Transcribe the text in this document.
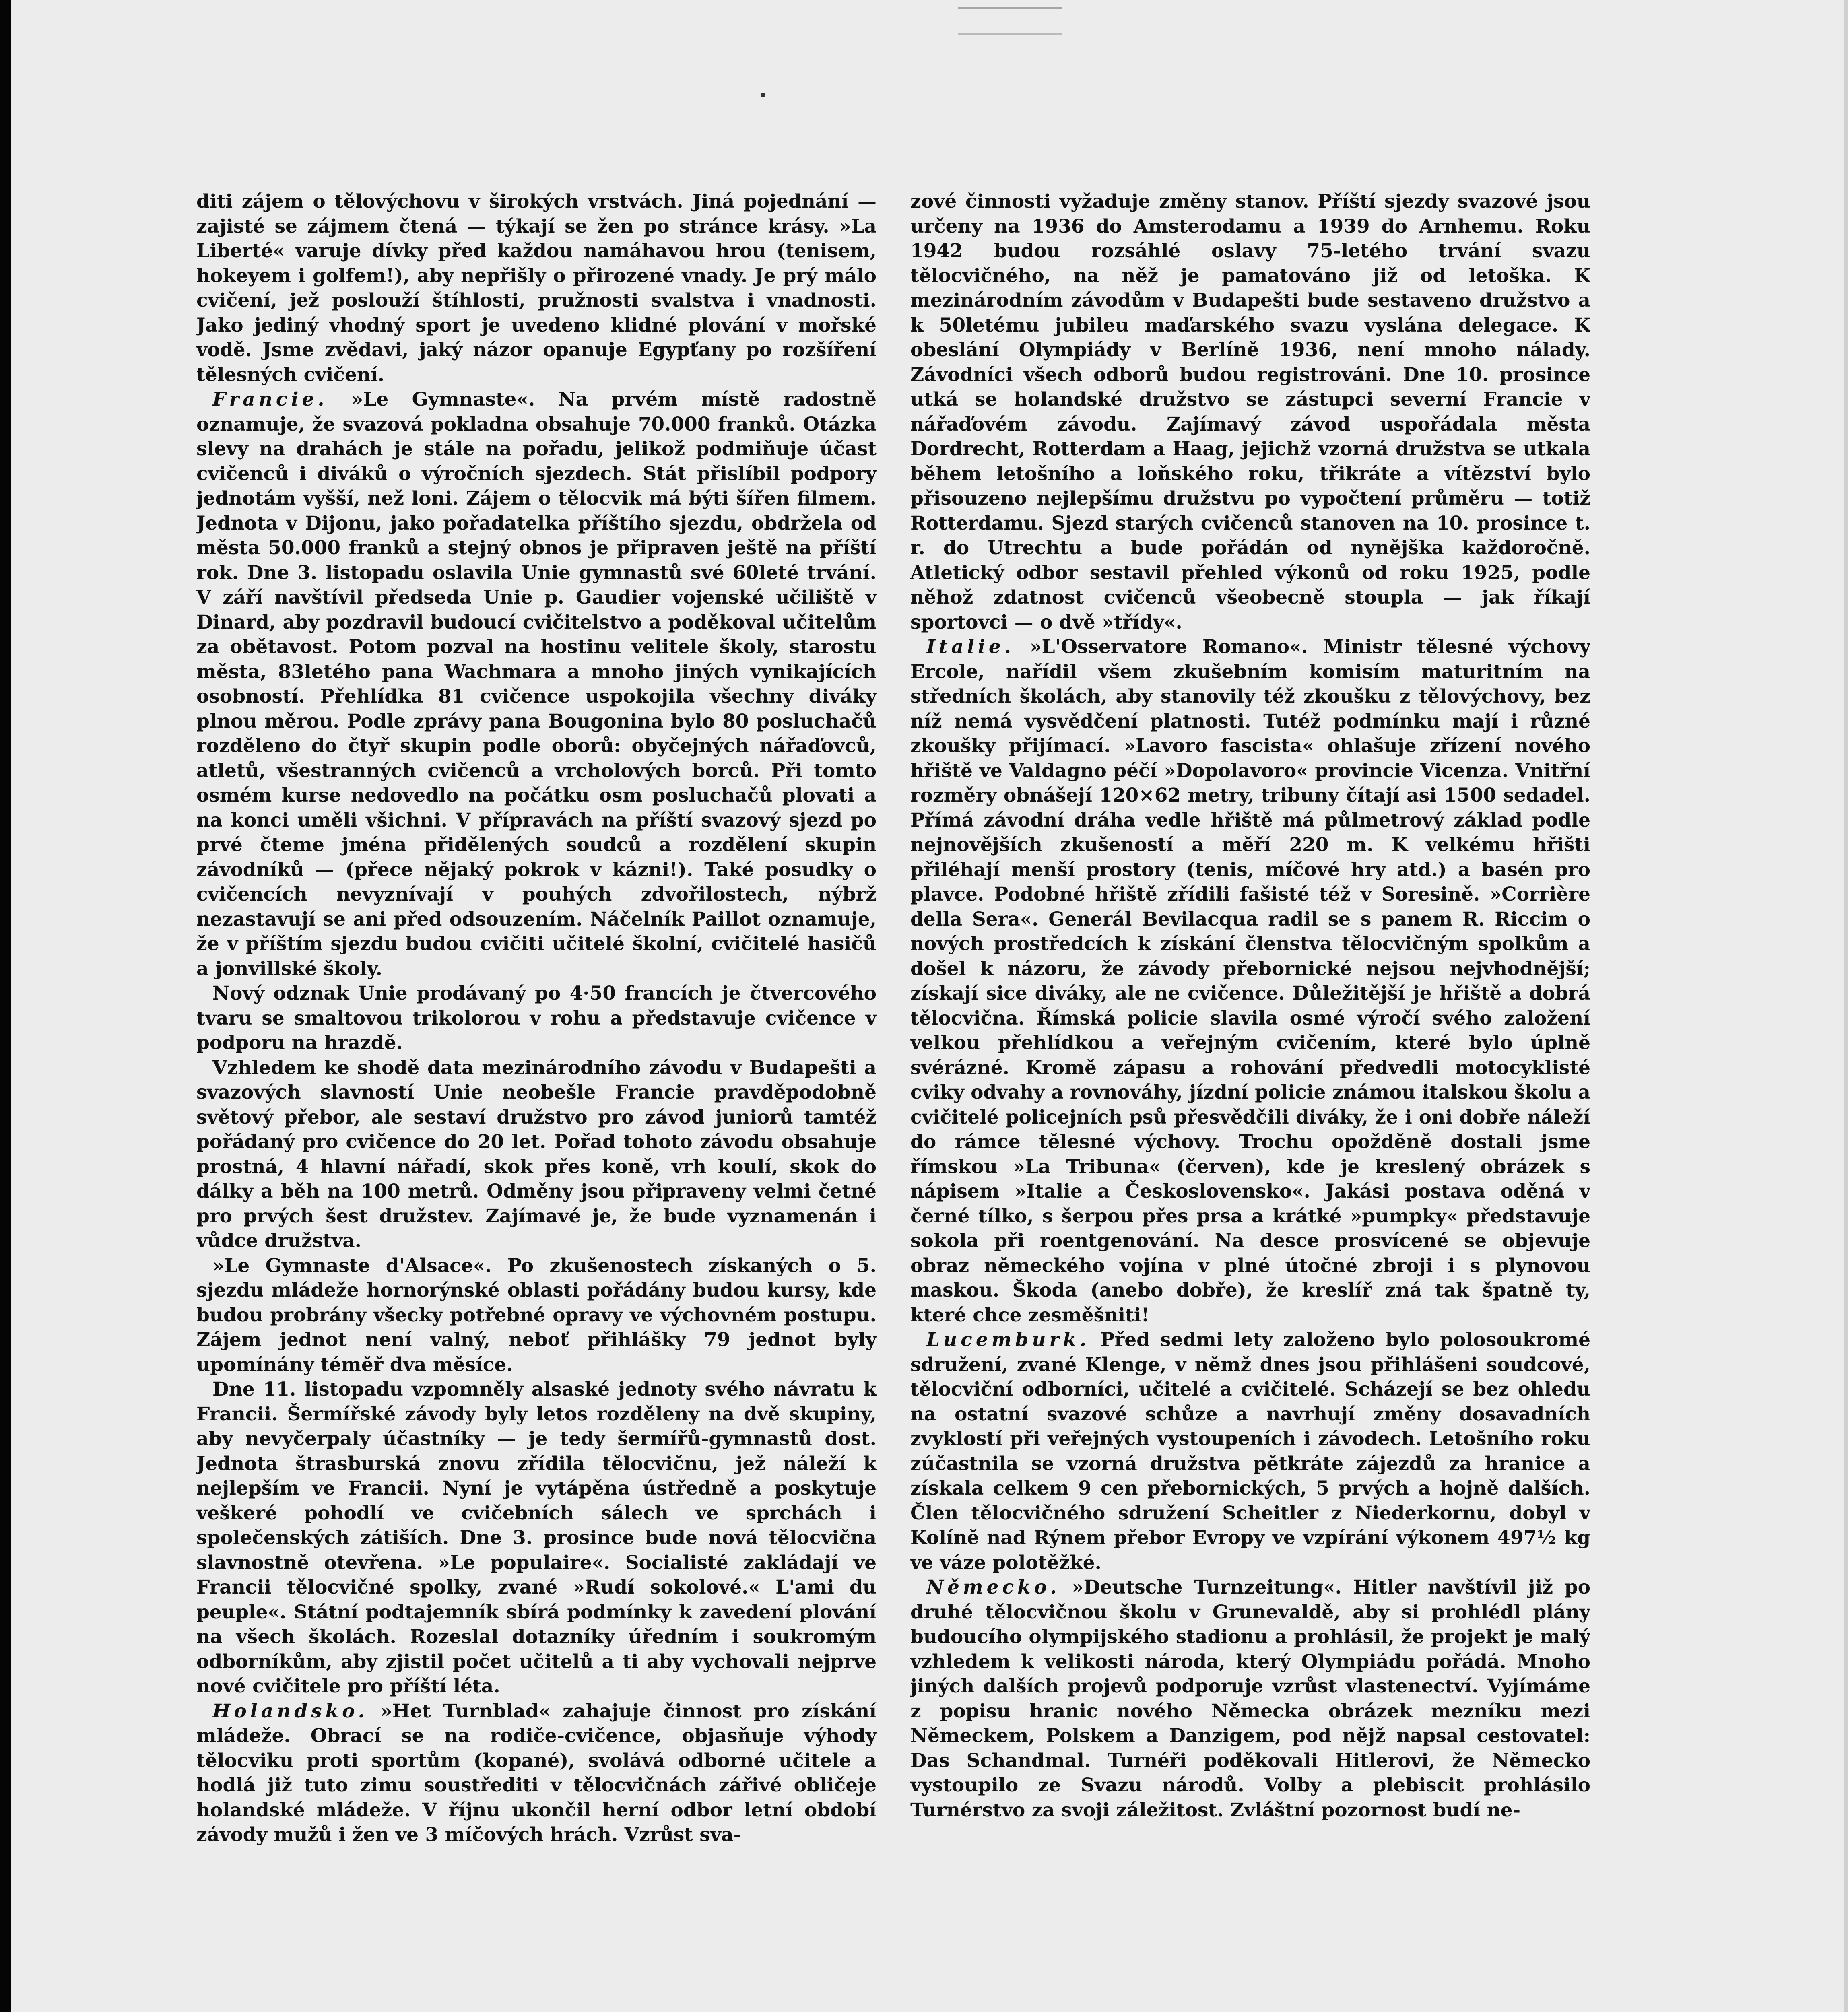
diti zájem o tělovýchovu v širokých vrstvách. Jiná pojednání — zajisté se zájmem čtená — týkají se žen po stránce krásy. »La Liberté« varuje dívky před každou namáhavou hrou (tenisem, hokeyem i golfem!), aby nepřišly o přirozené vnady. Je prý málo cvičení, jež poslouží štíhlosti, pružnosti svalstva i vnadnosti. Jako jediný vhodný sport je uvedeno klidné plování v mořské vodě. Jsme zvědavi, jaký názor opanuje Egypťany po rozšíření tělesných cvičení.

Francie. »Le Gymnaste«. Na prvém místě radostně oznamuje, že svazová pokladna obsahuje 70.000 franků. Otázka slevy na drahách je stále na pořadu, jelikož podmiňuje účast cvičenců i diváků o výročních sjezdech. Stát přislíbil podpory jednotám vyšší, než loni. Zájem o tělocvik má býti šířen filmem. Jednota v Dijonu, jako pořadatelka příštího sjezdu, obdržela od města 50.000 franků a stejný obnos je připraven ještě na příští rok. Dne 3. listopadu oslavila Unie gymnastů své 60leté trvání. V září navštívil předseda Unie p. Gaudier vojenské učiliště v Dinard, aby pozdravil budoucí cvičitelstvo a poděkoval učitelům za obětavost. Potom pozval na hostinu velitele školy, starostu města, 83letého pana Wachmara a mnoho jiných vynikajících osobností. Přehlídka 81 cvičence uspokojila všechny diváky plnou měrou. Podle zprávy pana Bougonina bylo 80 posluchačů rozděleno do čtyř skupin podle oborů: obyčejných nářaďovců, atletů, všestranných cvičenců a vrcholových borců. Při tomto osmém kurse nedovedlo na počátku osm posluchačů plovati a na konci uměli všichni. V přípravách na příští svazový sjezd po prvé čteme jména přidělených soudců a rozdělení skupin závodníků — (přece nějaký pokrok v kázni!). Také posudky o cvičencích nevyznívají v pouhých zdvořilostech, nýbrž nezastavují se ani před odsouzením. Náčelník Paillot oznamuje, že v příštím sjezdu budou cvičiti učitelé školní, cvičitelé hasičů a jonvillské školy.

Nový odznak Unie prodávaný po 4·50 francích je čtvercového tvaru se smaltovou trikolorou v rohu a představuje cvičence v podporu na hrazdě.

Vzhledem ke shodě data mezinárodního závodu v Budapešti a svazových slavností Unie neobešle Francie pravděpodobně světový přebor, ale sestaví družstvo pro závod juniorů tamtéž pořádaný pro cvičence do 20 let. Pořad tohoto závodu obsahuje prostná, 4 hlavní nářadí, skok přes koně, vrh koulí, skok do dálky a běh na 100 metrů. Odměny jsou připraveny velmi četné pro prvých šest družstev. Zajímavé je, že bude vyznamenán i vůdce družstva.

»Le Gymnaste d'Alsace«. Po zkušenostech získaných o 5. sjezdu mládeže hornorýnské oblasti pořádány budou kursy, kde budou probrány všecky potřebné opravy ve výchovném postupu. Zájem jednot není valný, neboť přihlášky 79 jednot byly upomínány téměř dva měsíce.

Dne 11. listopadu vzpomněly alsaské jednoty svého návratu k Francii. Šermířské závody byly letos rozděleny na dvě skupiny, aby nevyčerpaly účastníky — je tedy šermířů-gymnastů dost. Jednota štrasburská znovu zřídila tělocvičnu, jež náleží k nejlepším ve Francii. Nyní je vytápěna ústředně a poskytuje veškeré pohodlí ve cvičebních sálech ve sprchách i společenských zátiších. Dne 3. prosince bude nová tělocvična slavnostně otevřena. »Le populaire«. Socialisté zakládají ve Francii tělocvičné spolky, zvané »Rudí sokolové.« L'ami du peuple«. Státní podtajemník sbírá podmínky k zavedení plování na všech školách. Rozeslal dotazníky úředním i soukromým odborníkům, aby zjistil počet učitelů a ti aby vychovali nejprve nové cvičitele pro příští léta.

Holandsko. »Het Turnblad« zahajuje činnost pro získání mládeže. Obrací se na rodiče-cvičence, objasňuje výhody tělocviku proti sportům (kopané), svolává odborné učitele a hodlá již tuto zimu soustřediti v tělocvičnách zářivé obličeje holandské mládeže. V říjnu ukončil herní odbor letní období závody mužů i žen ve 3 míčových hrách. Vzrůst sva-

zové činnosti vyžaduje změny stanov. Příští sjezdy svazové jsou určeny na 1936 do Amsterodamu a 1939 do Arnhemu. Roku 1942 budou rozsáhlé oslavy 75-letého trvání svazu tělocvičného, na něž je pamatováno již od letoška. K mezinárodním závodům v Budapešti bude sestaveno družstvo a k 50letému jubileu maďarského svazu vyslána delegace. K obeslání Olympiády v Berlíně 1936, není mnoho nálady. Závodníci všech odborů budou registrováni. Dne 10. prosince utká se holandské družstvo se zástupci severní Francie v nářaďovém závodu. Zajímavý závod uspořádala města Dordrecht, Rotterdam a Haag, jejichž vzorná družstva se utkala během letošního a loňského roku, třikráte a vítězství bylo přisouzeno nejlepšímu družstvu po vypočtení průměru — totiž Rotterdamu. Sjezd starých cvičenců stanoven na 10. prosince t. r. do Utrechtu a bude pořádán od nynějška každoročně. Atletický odbor sestavil přehled výkonů od roku 1925, podle něhož zdatnost cvičenců všeobecně stoupla — jak říkají sportovci — o dvě »třídy«.

Italie. »L'Osservatore Romano«. Ministr tělesné výchovy Ercole, nařídil všem zkušebním komisím maturitním na středních školách, aby stanovily též zkoušku z tělovýchovy, bez níž nemá vysvědčení platnosti. Tutéž podmínku mají i různé zkoušky přijímací. »Lavoro fascista« ohlašuje zřízení nového hřiště ve Valdagno péčí »Dopolavoro« provincie Vicenza. Vnitřní rozměry obnášejí 120×62 metry, tribuny čítají asi 1500 sedadel. Přímá závodní dráha vedle hřiště má půlmetrový základ podle nejnovějších zkušeností a měří 220 m. K velkému hřišti přiléhají menší prostory (tenis, míčové hry atd.) a basén pro plavce. Podobné hřiště zřídili fašisté též v Soresině. »Corrière della Sera«. Generál Bevilacqua radil se s panem R. Riccim o nových prostředcích k získání členstva tělocvičným spolkům a došel k názoru, že závody přebornické nejsou nejvhodnější; získají sice diváky, ale ne cvičence. Důležitější je hřiště a dobrá tělocvična. Římská policie slavila osmé výročí svého založení velkou přehlídkou a veřejným cvičením, které bylo úplně svérázné. Kromě zápasu a rohování předvedli motocyklisté cviky odvahy a rovnováhy, jízdní policie známou italskou školu a cvičitelé policejních psů přesvědčili diváky, že i oni dobře náleží do rámce tělesné výchovy. Trochu opožděně dostali jsme římskou »La Tribuna« (červen), kde je kreslený obrázek s nápisem »Italie a Československo«. Jakási postava oděná v černé tílko, s šerpou přes prsa a krátké »pumpky« představuje sokola při roentgenování. Na desce prosvícené se objevuje obraz německého vojína v plné útočné zbroji i s plynovou maskou. Škoda (anebo dobře), že kreslíř zná tak špatně ty, které chce zesměšniti!

Lucemburk. Před sedmi lety založeno bylo polosoukromé sdružení, zvané Klenge, v němž dnes jsou přihlášeni soudcové, tělocviční odborníci, učitelé a cvičitelé. Scházejí se bez ohledu na ostatní svazové schůze a navrhují změny dosavadních zvyklostí při veřejných vystoupeních i závodech. Letošního roku zúčastnila se vzorná družstva pětkráte zájezdů za hranice a získala celkem 9 cen přebornických, 5 prvých a hojně dalších. Člen tělocvičného sdružení Scheitler z Niederkornu, dobyl v Kolíně nad Rýnem přebor Evropy ve vzpírání výkonem 497½ kg ve váze polotěžké.

Německo. »Deutsche Turnzeitung«. Hitler navštívil již po druhé tělocvičnou školu v Grunevaldě, aby si prohlédl plány budoucího olympijského stadionu a prohlásil, že projekt je malý vzhledem k velikosti národa, který Olympiádu pořádá. Mnoho jiných dalších projevů podporuje vzrůst vlastenectví. Vyjímáme z popisu hranic nového Německa obrázek mezníku mezi Německem, Polskem a Danzigem, pod nějž napsal cestovatel: Das Schandmal. Turnéři poděkovali Hitlerovi, že Německo vystoupilo ze Svazu národů. Volby a plebiscit prohlásilo Turnérstvo za svoji záležitost. Zvláštní pozornost budí ne-
